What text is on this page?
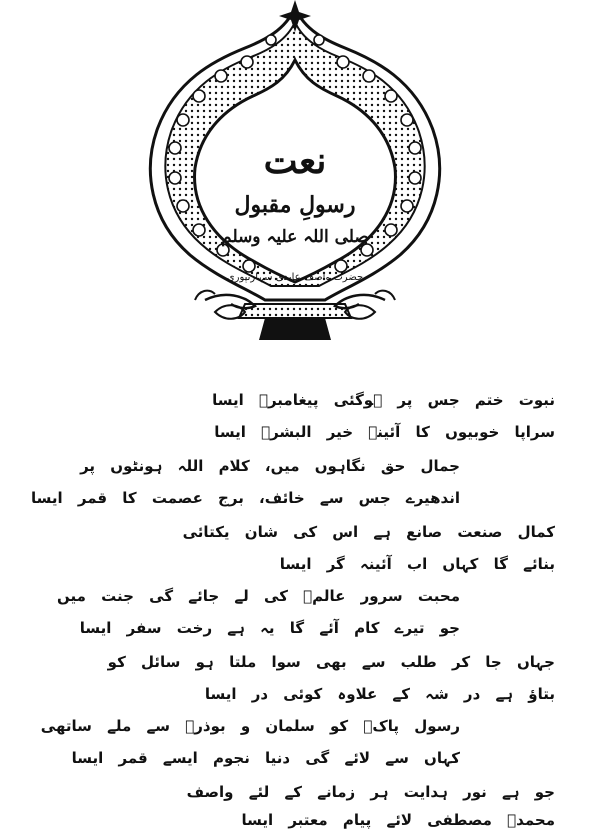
نعت
رسولِ مقبول
صلی اللہ علیہ وسلم
حضرت واصف عابدی سہارنپوری
نبوت ختم جس پر ہوگئی پیغامبرؐ ایسا
سراپا خوبیوں کا آئینہ خیر البشرؐ ایسا
جمال حق نگاہوں میں، کلام اللہ ہونٹوں پر
اندھیرے جس سے خائف، برج عصمت کا قمر ایسا
کمال صنعت صانع ہے اس کی شان یکتائی
بنائے گا کہاں اب آئینہ گر ایسا
محبت سرور عالمؐ کی لے جائے گی جنت میں
جو تیرے کام آئے گا یہ ہے رخت سفر ایسا
جہاں جا کر طلب سے بھی سوا ملتا ہو سائل کو
بتاؤ ہے در شہ کے علاوہ کوئی در ایسا
رسول پاکؐ کو سلمان و بوذرؓ سے ملے ساتھی
کہاں سے لائے گی دنیا نجوم ایسے قمر ایسا
جو ہے نور ہدایت ہر زمانے کے لئے واصف
محمدؐ مصطفی لائے پیام معتبر ایسا
